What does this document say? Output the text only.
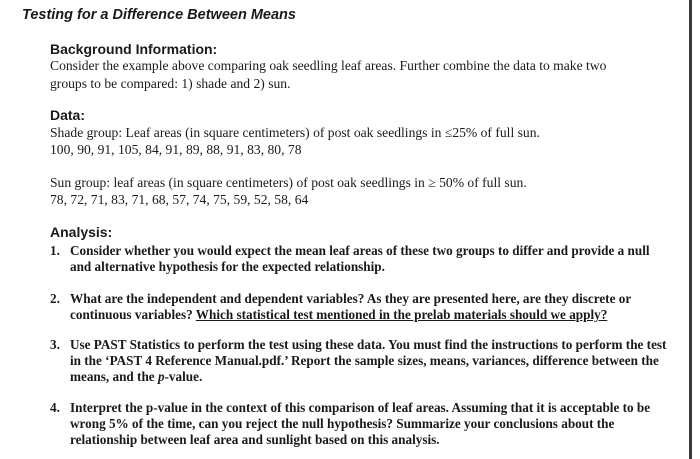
Testing for a Difference Between Means
Background Information:
Consider the example above comparing oak seedling leaf areas. Further combine the data to make two
groups to be compared: 1) shade and 2) sun.
Data:
Shade group: Leaf areas (in square centimeters) of post oak seedlings in ≤25% of full sun.
100, 90, 91, 105, 84, 91, 89, 88, 91, 83, 80, 78
Sun group: leaf areas (in square centimeters) of post oak seedlings in ≥ 50% of full sun.
78, 72, 71, 83, 71, 68, 57, 74, 75, 59, 52, 58, 64
Analysis:
1. Consider whether you would expect the mean leaf areas of these two groups to differ and provide a null and alternative hypothesis for the expected relationship.
2. What are the independent and dependent variables? As they are presented here, are they discrete or continuous variables? Which statistical test mentioned in the prelab materials should we apply?
3. Use PAST Statistics to perform the test using these data. You must find the instructions to perform the test in the ‘PAST 4 Reference Manual.pdf.’ Report the sample sizes, means, variances, difference between the means, and the p-value.
4. Interpret the p-value in the context of this comparison of leaf areas. Assuming that it is acceptable to be wrong 5% of the time, can you reject the null hypothesis? Summarize your conclusions about the relationship between leaf area and sunlight based on this analysis.
